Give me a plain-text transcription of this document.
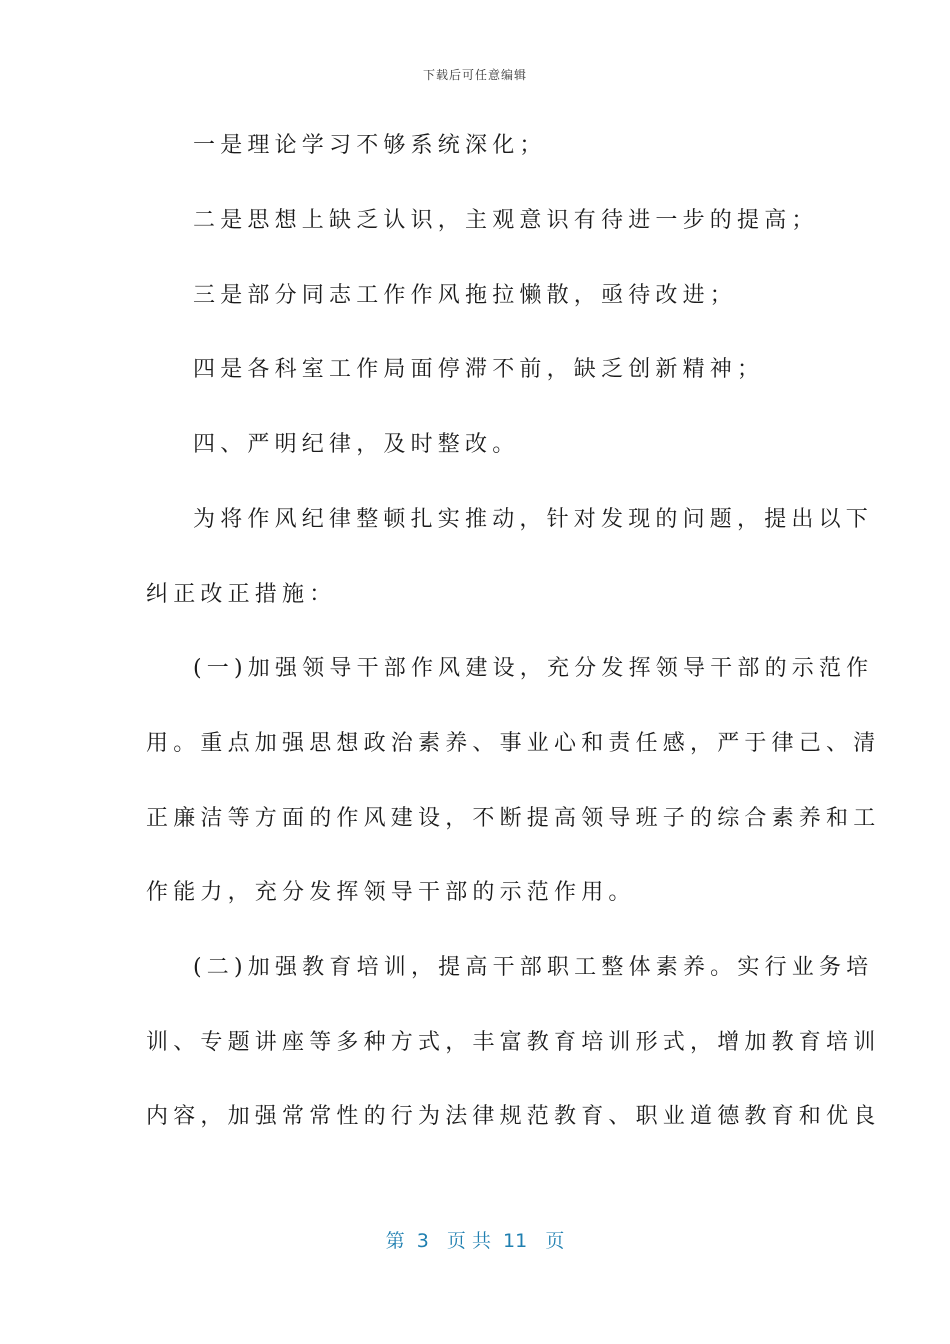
下载后可任意编辑
一是理论学习不够系统深化；
二是思想上缺乏认识，主观意识有待进一步的提高；
三是部分同志工作作风拖拉懒散，亟待改进；
四是各科室工作局面停滞不前，缺乏创新精神；
四、严明纪律，及时整改。
为将作风纪律整顿扎实推动，针对发现的问题，提出以下
纠正改正措施：
(一)加强领导干部作风建设，充分发挥领导干部的示范作
用。重点加强思想政治素养、事业心和责任感，严于律己、清
正廉洁等方面的作风建设，不断提高领导班子的综合素养和工
作能力，充分发挥领导干部的示范作用。
(二)加强教育培训，提高干部职工整体素养。实行业务培
训、专题讲座等多种方式，丰富教育培训形式，增加教育培训
内容，加强常常性的行为法律规范教育、职业道德教育和优良
第  3   页 共  11   页
